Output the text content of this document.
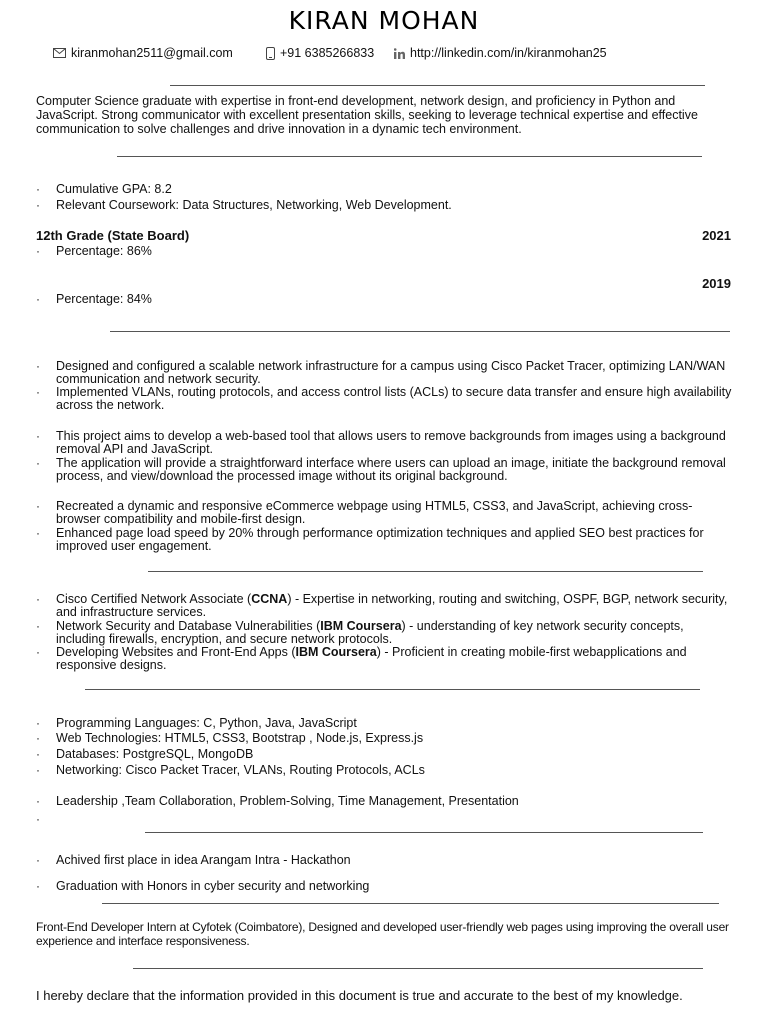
KIRAN MOHAN
kiranmohan2511@gmail.com	+91 6385266833	http://linkedin.com/in/kiranmohan25
Computer Science graduate with expertise in front-end development, network design, and proficiency in Python and JavaScript. Strong communicator with excellent presentation skills, seeking to leverage technical expertise and effective communication to solve challenges and drive innovation in a dynamic tech environment.
·	Cumulative GPA: 8.2
·	Relevant Coursework: Data Structures, Networking, Web Development.
12th Grade (State Board)	2021
·	Percentage: 86%
2019
·	Percentage: 84%
·	Designed and configured a scalable network infrastructure for a campus using Cisco Packet Tracer, optimizing LAN/WAN communication and network security.
·	Implemented VLANs, routing protocols, and access control lists (ACLs) to secure data transfer and ensure high availability across the network.
·	This project aims to develop a web-based tool that allows users to remove backgrounds from images using a background removal API and JavaScript.
·	The application will provide a straightforward interface where users can upload an image, initiate the background removal process, and view/download the processed image without its original background.
·	Recreated a dynamic and responsive eCommerce webpage using HTML5, CSS3, and JavaScript, achieving cross-browser compatibility and mobile-first design.
·	Enhanced page load speed by 20% through performance optimization techniques and applied SEO best practices for improved user engagement.
·	Cisco Certified Network Associate (CCNA) - Expertise in networking, routing and switching, OSPF, BGP, network security, and infrastructure services.
·	Network Security and Database Vulnerabilities (IBM Coursera) - understanding of key network security concepts, including firewalls, encryption, and secure network protocols.
·	Developing Websites and Front-End Apps (IBM Coursera) - Proficient in creating mobile-first webapplications and responsive designs.
·	Programming Languages: C, Python, Java, JavaScript
·	Web Technologies: HTML5, CSS3, Bootstrap , Node.js, Express.js
·	Databases: PostgreSQL, MongoDB
·	Networking: Cisco Packet Tracer, VLANs, Routing Protocols, ACLs
·	Leadership ,Team Collaboration, Problem-Solving, Time Management, Presentation
·
·	Achived first place in idea Arangam Intra - Hackathon
·	Graduation with Honors in cyber security and networking
Front-End Developer Intern at Cyfotek (Coimbatore), Designed and developed user-friendly web pages using improving the overall user experience and interface responsiveness.
I hereby declare that the information provided in this document is true and accurate to the best of my knowledge.
